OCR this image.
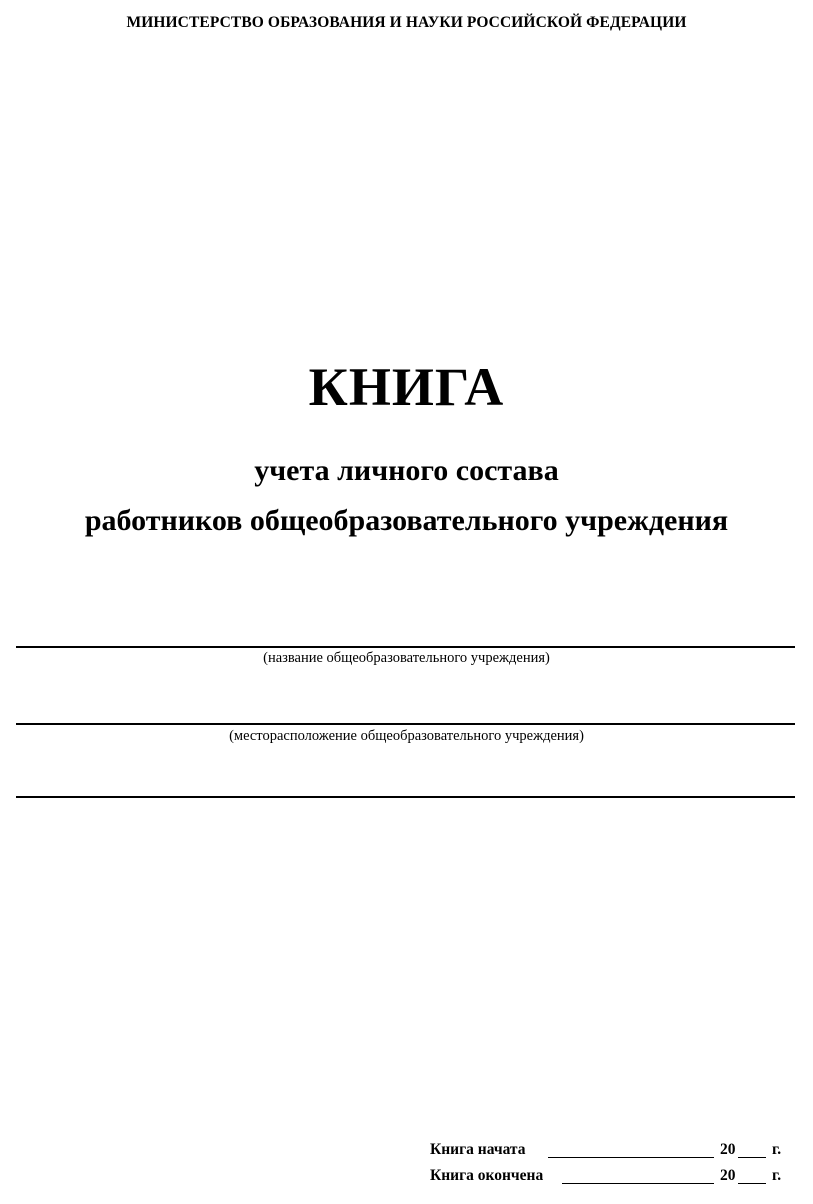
МИНИСТЕРСТВО ОБРАЗОВАНИЯ И НАУКИ РОССИЙСКОЙ ФЕДЕРАЦИИ
КНИГА
учета личного состава
работников общеобразовательного учреждения
(название общеобразовательного учреждения)
(месторасположение общеобразовательного учреждения)
Книга начата	20 г.
Книга окончена	20 г.
